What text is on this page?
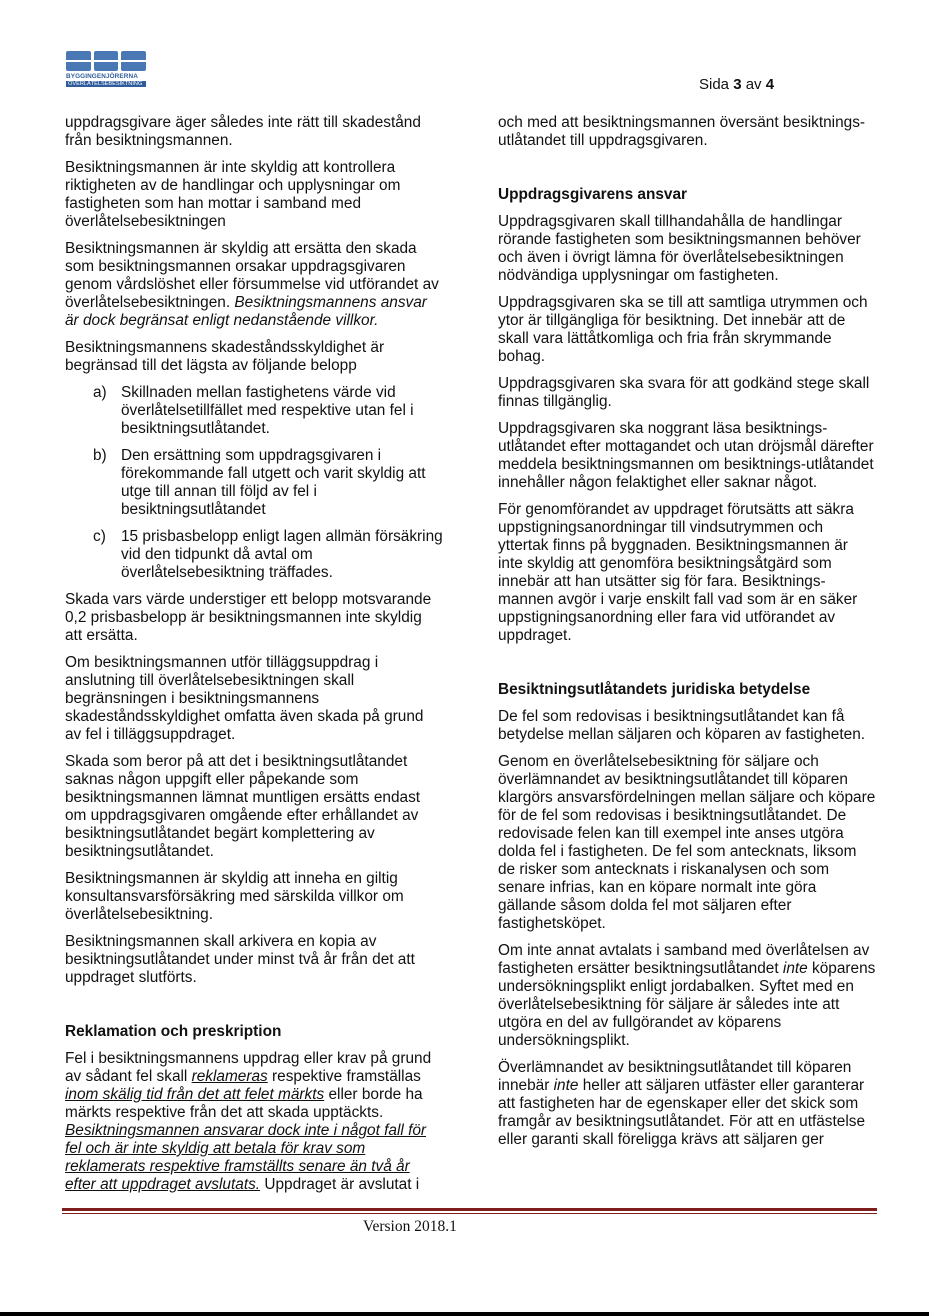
BYGGINGENJÖRERNA
ÖVERLÅTELSEBESIKTNING	Sida 3 av 4

uppdragsgivare äger således inte rätt till skadestånd från besiktningsmannen.

Besiktningsmannen är inte skyldig att kontrollera riktigheten av de handlingar och upplysningar om fastigheten som han mottar i samband med överlåtelsebesiktningen

Besiktningsmannen är skyldig att ersätta den skada som besiktningsmannen orsakar uppdragsgivaren genom vårdslöshet eller försummelse vid utförandet av överlåtelsebesiktningen. Besiktningsmannens ansvar är dock begränsat enligt nedanstående villkor.

Besiktningsmannens skadeståndsskyldighet är begränsad till det lägsta av följande belopp

a) Skillnaden mellan fastighetens värde vid överlåtelsetillfället med respektive utan fel i besiktningsutlåtandet.
b) Den ersättning som uppdragsgivaren i förekommande fall utgett och varit skyldig att utge till annan till följd av fel i besiktningsutlåtandet
c) 15 prisbasbelopp enligt lagen allmän försäkring vid den tidpunkt då avtal om överlåtelsebesiktning träffades.

Skada vars värde understiger ett belopp motsvarande 0,2 prisbasbelopp är besiktningsmannen inte skyldig att ersätta.

Om besiktningsmannen utför tilläggsuppdrag i anslutning till överlåtelsebesiktningen skall begränsningen i besiktningsmannens skadeståndsskyldighet omfatta även skada på grund av fel i tilläggsuppdraget.

Skada som beror på att det i besiktningsutlåtandet saknas någon uppgift eller påpekande som besiktningsmannen lämnat muntligen ersätts endast om uppdragsgivaren omgående efter erhållandet av besiktningsutlåtandet begärt komplettering av besiktningsutlåtandet.

Besiktningsmannen är skyldig att inneha en giltig konsultansvarsförsäkring med särskilda villkor om överlåtelsebesiktning.

Besiktningsmannen skall arkivera en kopia av besiktningsutlåtandet under minst två år från det att uppdraget slutförts.

Reklamation och preskription

Fel i besiktningsmannens uppdrag eller krav på grund av sådant fel skall reklameras respektive framställas inom skälig tid från det att felet märkts eller borde ha märkts respektive från det att skada upptäckts. Besiktningsmannen ansvarar dock inte i något fall för fel och är inte skyldig att betala för krav som reklamerats respektive framställts senare än två år efter att uppdraget avslutats. Uppdraget är avslutat i

och med att besiktningsmannen översänt besiktnings-utlåtandet till uppdragsgivaren.

Uppdragsgivarens ansvar

Uppdragsgivaren skall tillhandahålla de handlingar rörande fastigheten som besiktningsmannen behöver och även i övrigt lämna för överlåtelsebesiktningen nödvändiga upplysningar om fastigheten.

Uppdragsgivaren ska se till att samtliga utrymmen och ytor är tillgängliga för besiktning. Det innebär att de skall vara lättåtkomliga och fria från skrymmande bohag.

Uppdragsgivaren ska svara för att godkänd stege skall finnas tillgänglig.

Uppdragsgivaren ska noggrant läsa besiktnings-utlåtandet efter mottagandet och utan dröjsmål därefter meddela besiktningsmannen om besiktnings-utlåtandet innehåller någon felaktighet eller saknar något.

För genomförandet av uppdraget förutsätts att säkra uppstigningsanordningar till vindsutrymmen och yttertak finns på byggnaden. Besiktningsmannen är inte skyldig att genomföra besiktningsåtgärd som innebär att han utsätter sig för fara. Besiktnings-mannen avgör i varje enskilt fall vad som är en säker uppstigningsanordning eller fara vid utförandet av uppdraget.

Besiktningsutlåtandets juridiska betydelse

De fel som redovisas i besiktningsutlåtandet kan få betydelse mellan säljaren och köparen av fastigheten.

Genom en överlåtelsebesiktning för säljare och överlämnandet av besiktningsutlåtandet till köparen klargörs ansvarsfördelningen mellan säljare och köpare för de fel som redovisas i besiktningsutlåtandet. De redovisade felen kan till exempel inte anses utgöra dolda fel i fastigheten. De fel som antecknats, liksom de risker som antecknats i riskanalysen och som senare infrias, kan en köpare normalt inte göra gällande såsom dolda fel mot säljaren efter fastighetsköpet.

Om inte annat avtalats i samband med överlåtelsen av fastigheten ersätter besiktningsutlåtandet inte köparens undersökningsplikt enligt jordabalken. Syftet med en överlåtelsebesiktning för säljare är således inte att utgöra en del av fullgörandet av köparens undersökningsplikt.

Överlämnandet av besiktningsutlåtandet till köparen innebär inte heller att säljaren utfäster eller garanterar att fastigheten har de egenskaper eller det skick som framgår av besiktningsutlåtandet. För att en utfästelse eller garanti skall föreligga krävs att säljaren ger

Version 2018.1
